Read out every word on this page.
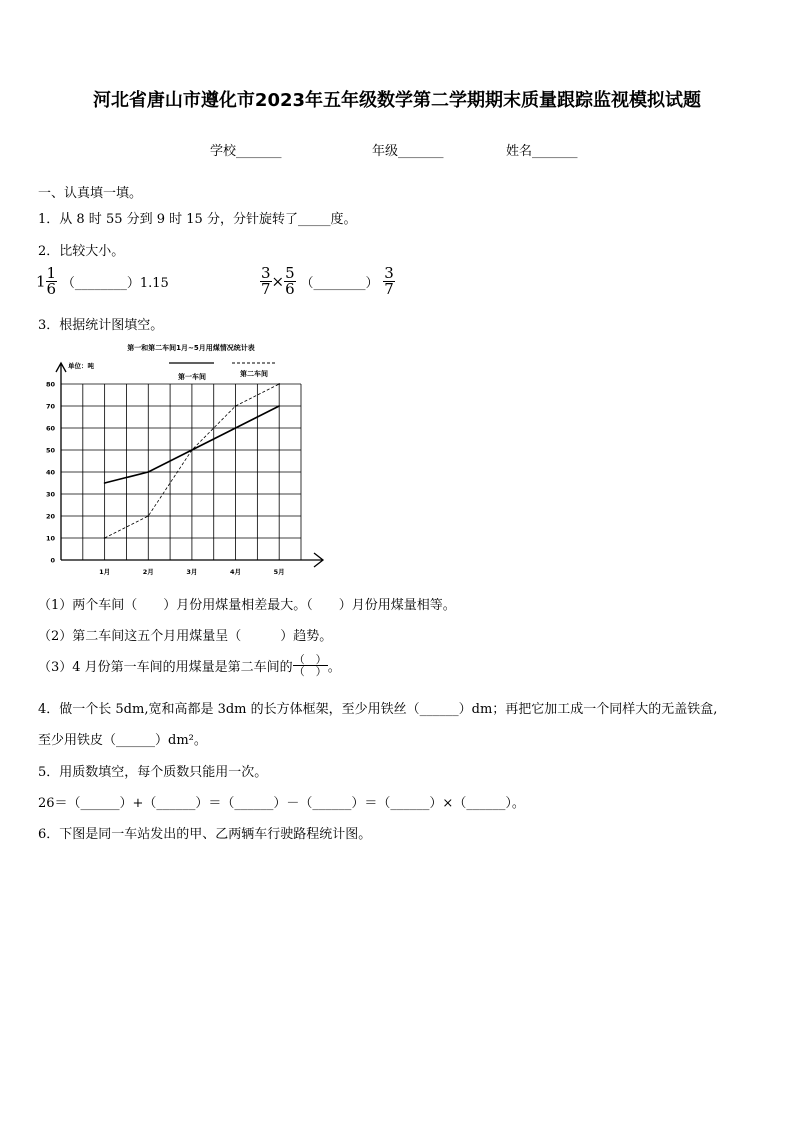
河北省唐山市遵化市2023年五年级数学第二学期期末质量跟踪监视模拟试题
学校_______	年级_______	姓名_______
一、认真填一填。
1．从 8 时 55 分到 9 时 15 分，分针旋转了_____度。
2．比较大小。
$1 \frac{1}{6}$ （________）1.15	$\frac{3}{7} \times \frac{5}{6}$ （________） $\frac{3}{7}$
3．根据统计图填空。
第一和第二车间1月~5月用煤情况统计表
单位：吨
第一车间	第二车间
0
10
20
30
40
50
60
70
80
1月	2月	3月	4月	5月
（1）两个车间（　　）月份用煤量相差最大。（　　）月份用煤量相等。
（2）第二车间这五个月用煤量呈（　　　）趋势。
（3）4 月份第一车间的用煤量是第二车间的 $\frac{( )}{( )}$ 。
4．做一个长 5dm,宽和高都是 3dm 的长方体框架，至少用铁丝（______）dm；再把它加工成一个同样大的无盖铁盒,
至少用铁皮（______）dm²。
5．用质数填空，每个质数只能用一次。
26＝（______）+（______）＝（______）－（______）＝（______）×（______）。
6．下图是同一车站发出的甲、乙两辆车行驶路程统计图。
